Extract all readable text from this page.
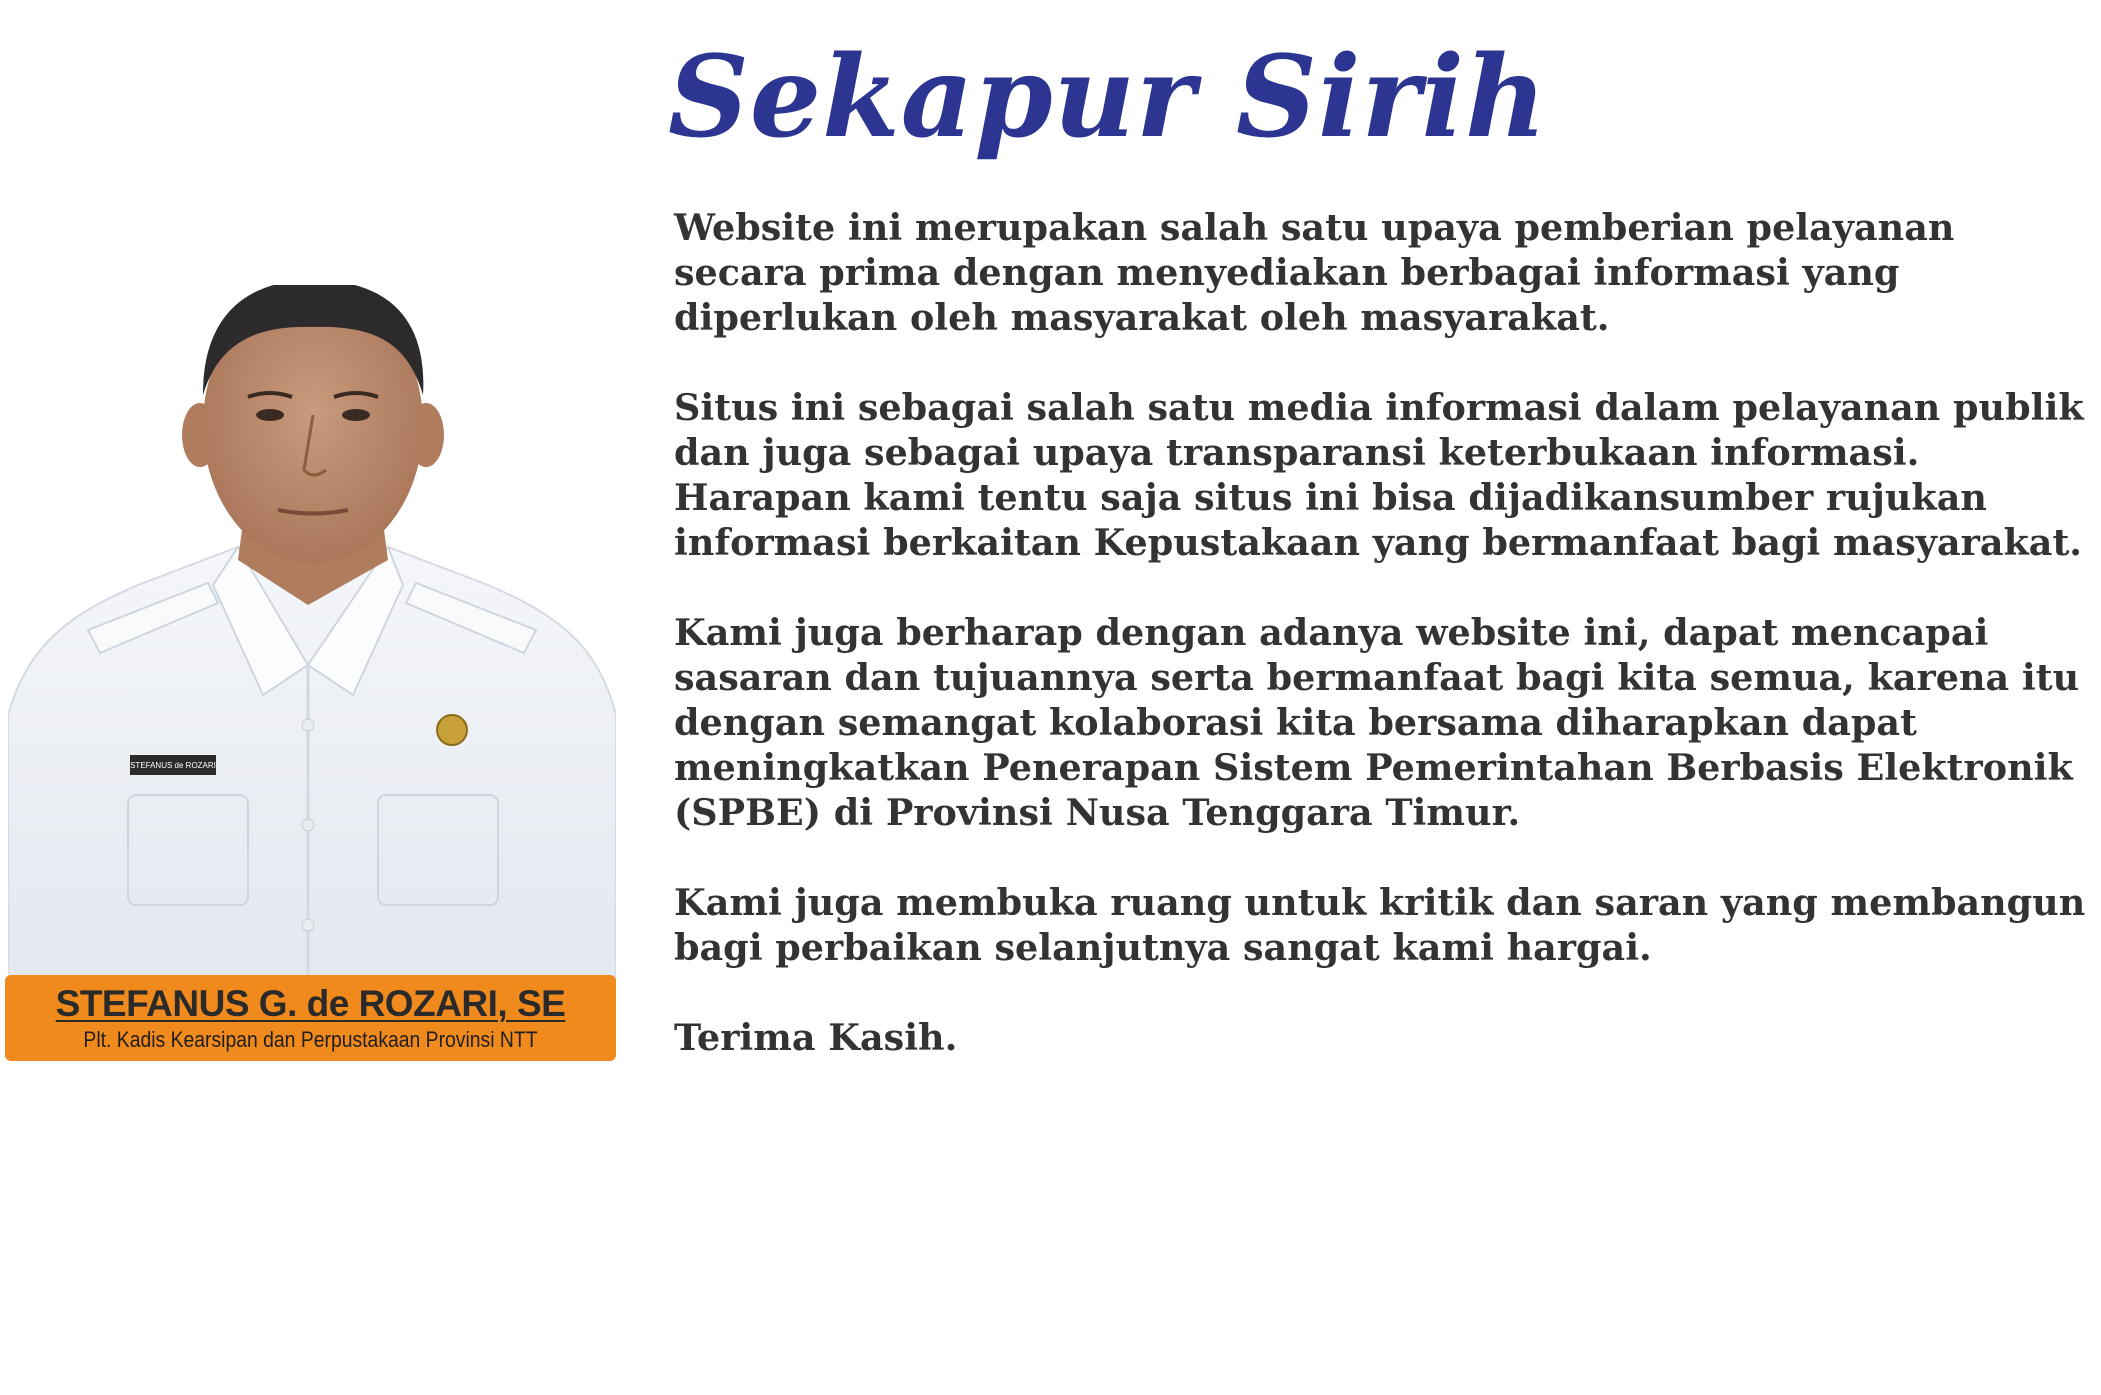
Sekapur Sirih
STEFANUS de ROZARI
STEFANUS G. de ROZARI, SE
Plt. Kadis Kearsipan dan Perpustakaan Provinsi NTT
Website ini merupakan salah satu upaya pemberian pelayanan
secara prima dengan menyediakan berbagai informasi yang
diperlukan oleh masyarakat oleh masyarakat.
Situs ini sebagai salah satu media informasi dalam pelayanan publik
dan juga sebagai upaya transparansi keterbukaan informasi.
Harapan kami tentu saja situs ini bisa dijadikansumber rujukan
informasi berkaitan Kepustakaan yang bermanfaat bagi masyarakat.
Kami juga berharap dengan adanya website ini, dapat mencapai
sasaran dan tujuannya serta bermanfaat bagi kita semua, karena itu
dengan semangat kolaborasi kita bersama diharapkan dapat
meningkatkan Penerapan Sistem Pemerintahan Berbasis Elektronik
(SPBE) di Provinsi Nusa Tenggara Timur.
Kami juga membuka ruang untuk kritik dan saran yang membangun
bagi perbaikan selanjutnya sangat kami hargai.
Terima Kasih.
